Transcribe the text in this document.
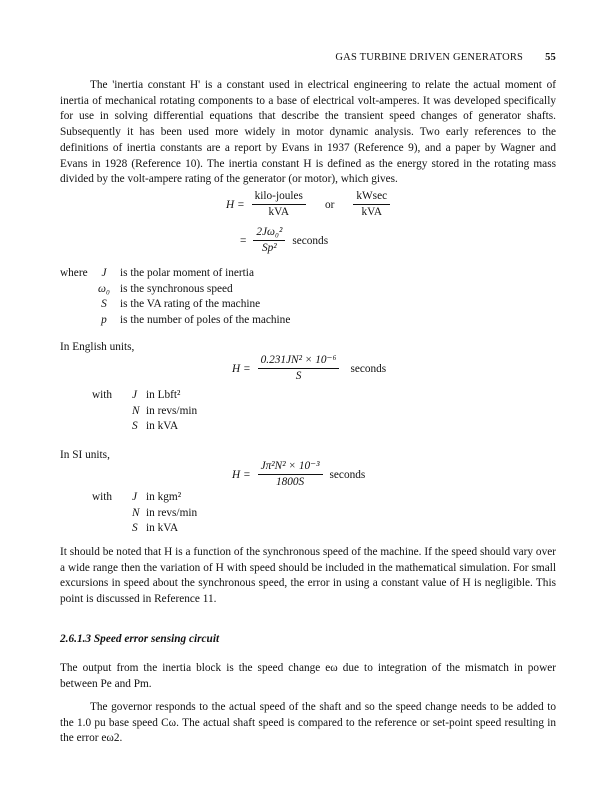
GAS TURBINE DRIVEN GENERATORS 55

The 'inertia constant H' is a constant used in electrical engineering to relate the actual moment of inertia of mechanical rotating components to a base of electrical volt-amperes. It was developed specifically for use in solving differential equations that describe the transient speed changes of generator shafts. Subsequently it has been used more widely in motor dynamic analysis. Two early references to the definitions of inertia constants are a report by Evans in 1937 (Reference 9), and a paper by Wagner and Evans in 1928 (Reference 10). The inertia constant H is defined as the energy stored in the rotating mass divided by the volt-ampere rating of the generator (or motor), which gives.

$H = \frac{\text{kilo-joules}}{\text{kVA}}$ or $\frac{kWsec}{\text{kVA}}$
= $\frac{\text{2Jω₀²}}{\text{Sp²}}$ seconds
where	J	is the polar moment of inertia
ω₀ is the synchronous speed
S	is the VA rating of the machine
p	is the number of poles of the machine
In English units,
$H = \frac{\text{0.231JN² × 10⁻⁶}}{S}$ seconds
with	J in Lbft²
N in revs/min
S in kVA
In SI units,
$H = \frac{\text{Jπ²N² × 10⁻³}}{1800S}$ seconds
with	J in kgm²
N in revs/min
S in kVA

It should be noted that H is a function of the synchronous speed of the machine. If the speed should vary over a wide range then the variation of H with speed should be included in the mathematical simulation. For small excursions in speed about the synchronous speed, the error in using a constant value of H is negligible. This point is discussed in Reference 11.

2.6.1.3 Speed error sensing circuit

The output from the inertia block is the speed change eω due to integration of the mismatch in power between Pe and Pm.

The governor responds to the actual speed of the shaft and so the speed change needs to be added to the 1.0 pu base speed Cω. The actual shaft speed is compared to the reference or set-point speed resulting in the error eω2.
